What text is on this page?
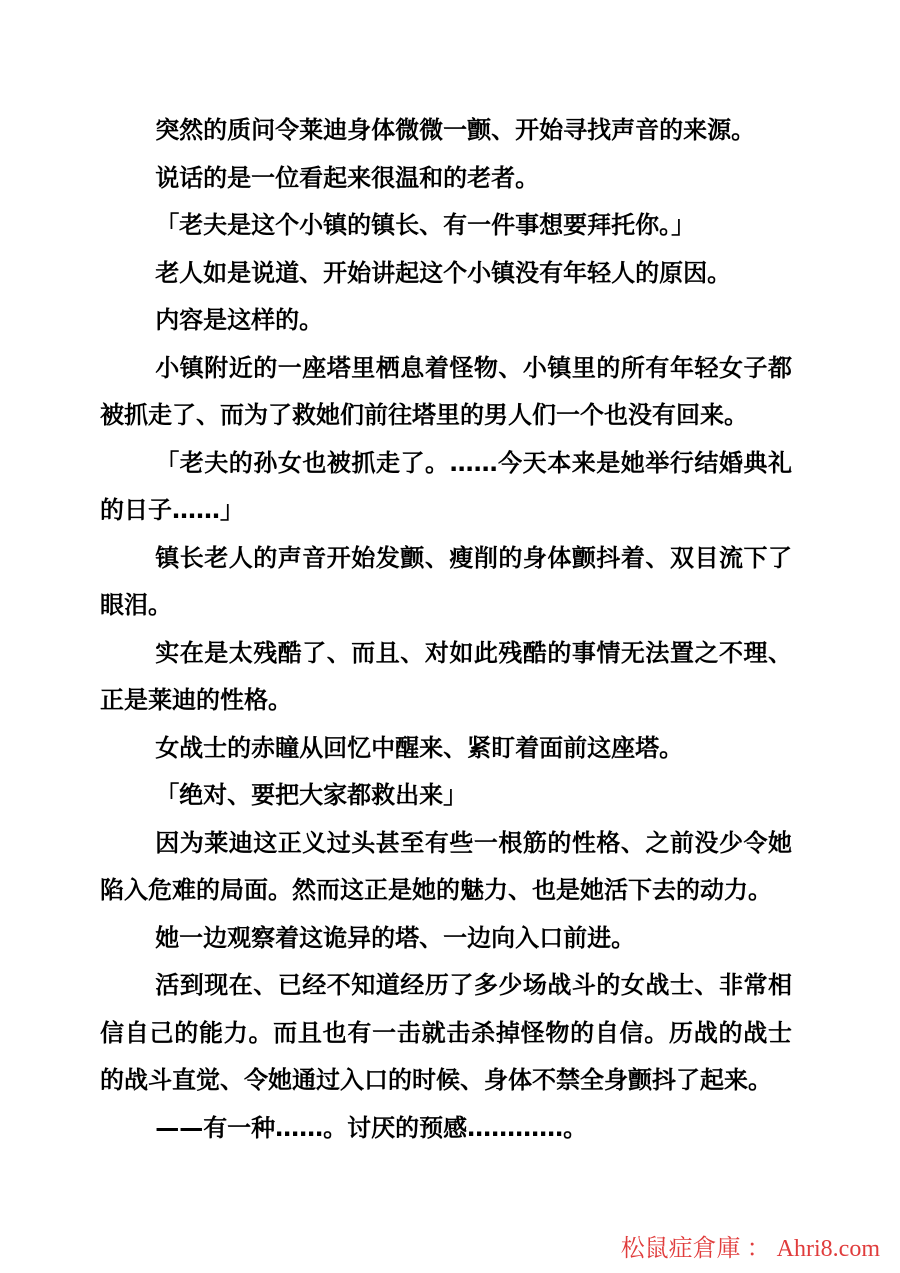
突然的质问令莱迪身体微微一颤、开始寻找声音的来源。

说话的是一位看起来很温和的老者。

「老夫是这个小镇的镇长、有一件事想要拜托你。」

老人如是说道、开始讲起这个小镇没有年轻人的原因。

内容是这样的。

小镇附近的一座塔里栖息着怪物、小镇里的所有年轻女子都被抓走了、而为了救她们前往塔里的男人们一个也没有回来。

「老夫的孙女也被抓走了。……今天本来是她举行结婚典礼的日子……」

镇长老人的声音开始发颤、瘦削的身体颤抖着、双目流下了眼泪。

实在是太残酷了、而且、对如此残酷的事情无法置之不理、正是莱迪的性格。

女战士的赤瞳从回忆中醒来、紧盯着面前这座塔。

「绝对、要把大家都救出来」

因为莱迪这正义过头甚至有些一根筋的性格、之前没少令她陷入危难的局面。然而这正是她的魅力、也是她活下去的动力。

她一边观察着这诡异的塔、一边向入口前进。

活到现在、已经不知道经历了多少场战斗的女战士、非常相信自己的能力。而且也有一击就击杀掉怪物的自信。历战的战士的战斗直觉、令她通过入口的时候、身体不禁全身颤抖了起来。

——有一种……。讨厌的预感…………。

松鼠症倉庫 ： Ahri8.com
